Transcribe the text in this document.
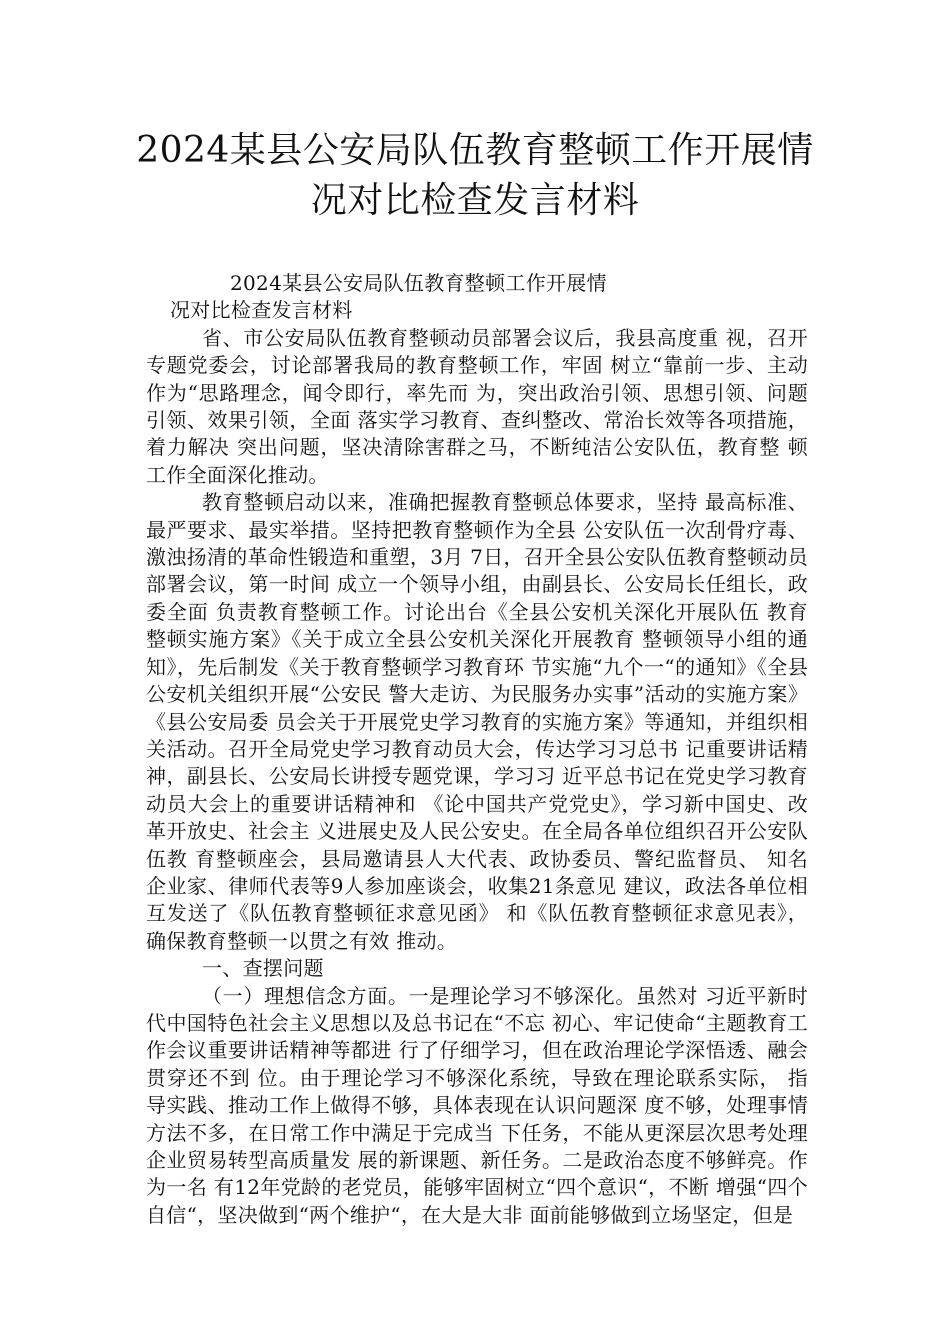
2024某县公安局队伍教育整顿工作开展情
况对比检查发言材料
2024某县公安局队伍教育整顿工作开展情
况对比检查发言材料
省、市公安局队伍教育整顿动员部署会议后，我县高度重 视，召开专题党委会，讨论部署我局的教育整顿工作，牢固 树立“靠前一步、主动作为“思路理念，闻令即行，率先而 为，突出政治引领、思想引领、问题引领、效果引领，全面 落实学习教育、查纠整改、常治长效等各项措施，着力解决 突出问题，坚决清除害群之马，不断纯洁公安队伍，教育整 顿工作全面深化推动。
教育整顿启动以来，准确把握教育整顿总体要求，坚持 最高标准、最严要求、最实举措。坚持把教育整顿作为全县 公安队伍一次刮骨疗毒、激浊扬清的革命性锻造和重塑，3月 7日，召开全县公安队伍教育整顿动员部署会议，第一时间 成立一个领导小组，由副县长、公安局长任组长，政委全面 负责教育整顿工作。讨论出台《全县公安机关深化开展队伍 教育整顿实施方案》《关于成立全县公安机关深化开展教育 整顿领导小组的通知》，先后制发《关于教育整顿学习教育环 节实施“九个一“的通知》《全县公安机关组织开展“公安民 警大走访、为民服务办实事”活动的实施方案》《县公安局委 员会关于开展党史学习教育的实施方案》等通知，并组织相 关活动。召开全局党史学习教育动员大会，传达学习习总书 记重要讲话精神，副县长、公安局长讲授专题党课，学习习 近平总书记在党史学习教育动员大会上的重要讲话精神和 《论中国共产党党史》，学习新中国史、改革开放史、社会主 义进展史及人民公安史。在全局各单位组织召开公安队伍教 育整顿座会，县局邀请县人大代表、政协委员、警纪监督员、 知名企业家、律师代表等9人参加座谈会，收集21条意见 建议，政法各单位相互发送了《队伍教育整顿征求意见函》 和《队伍教育整顿征求意见表》，确保教育整顿一以贯之有效 推动。
一、查摆问题
（一）理想信念方面。一是理论学习不够深化。虽然对 习近平新时代中国特色社会主义思想以及总书记在“不忘 初心、牢记使命“主题教育工作会议重要讲话精神等都进 行了仔细学习，但在政治理论学深悟透、融会贯穿还不到 位。由于理论学习不够深化系统，导致在理论联系实际， 指导实践、推动工作上做得不够，具体表现在认识问题深 度不够，处理事情方法不多，在日常工作中满足于完成当 下任务，不能从更深层次思考处理企业贸易转型高质量发 展的新课题、新任务。二是政治态度不够鲜亮。作为一名 有12年党龄的老党员，能够牢固树立“四个意识“，不断 增强“四个自信“，坚决做到“两个维护“，在大是大非 面前能够做到立场坚定，但是
